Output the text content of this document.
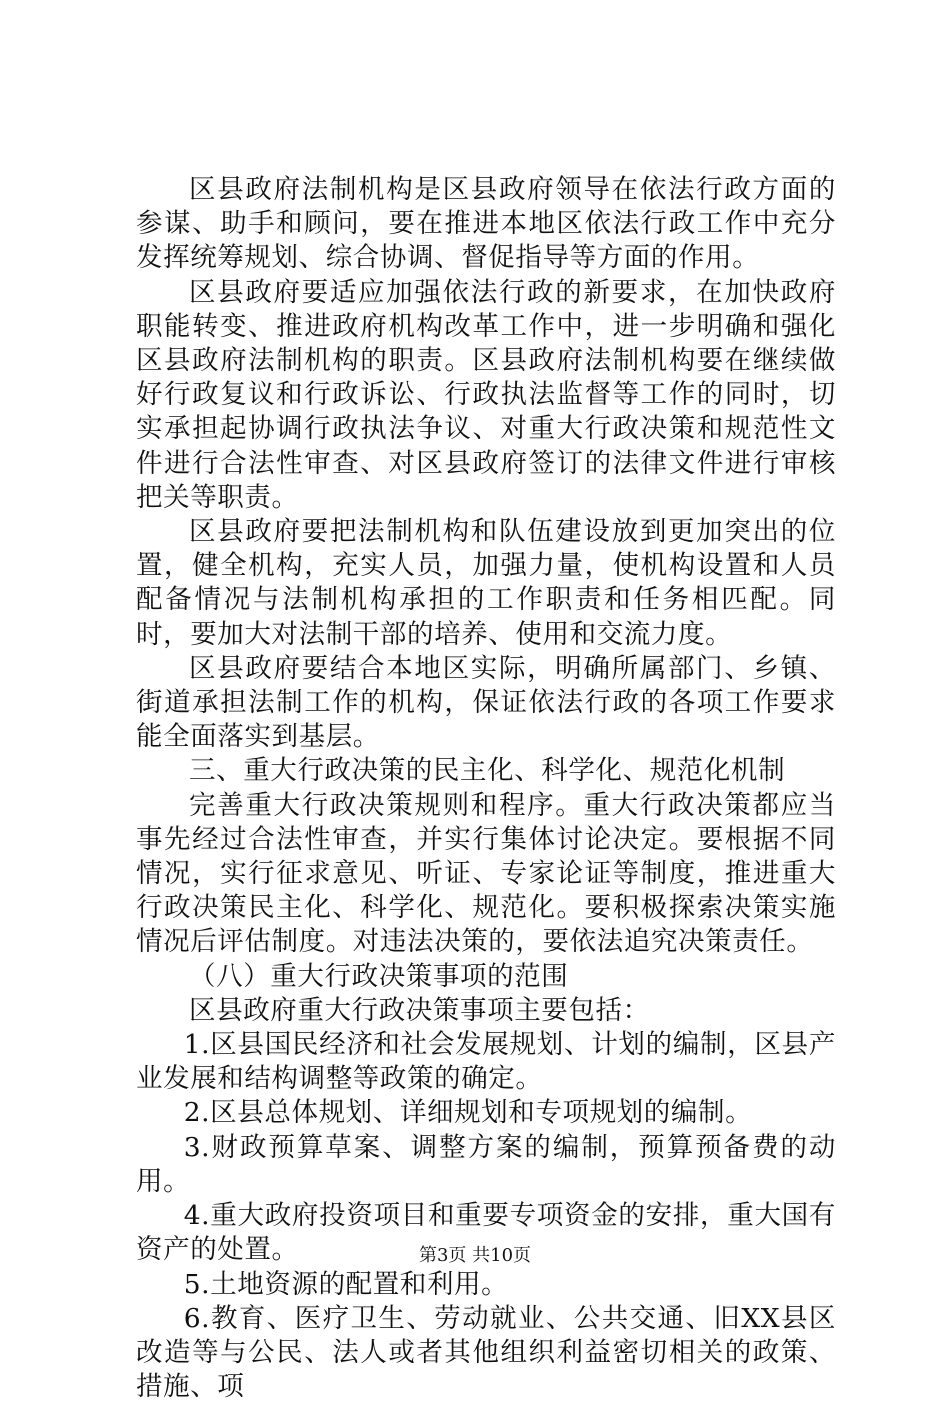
区县政府法制机构是区县政府领导在依法行政方面的参谋、助手和顾问，要在推进本地区依法行政工作中充分发挥统筹规划、综合协调、督促指导等方面的作用。

区县政府要适应加强依法行政的新要求，在加快政府职能转变、推进政府机构改革工作中，进一步明确和强化区县政府法制机构的职责。区县政府法制机构要在继续做好行政复议和行政诉讼、行政执法监督等工作的同时，切实承担起协调行政执法争议、对重大行政决策和规范性文件进行合法性审查、对区县政府签订的法律文件进行审核把关等职责。

区县政府要把法制机构和队伍建设放到更加突出的位置，健全机构，充实人员，加强力量，使机构设置和人员配备情况与法制机构承担的工作职责和任务相匹配。同时，要加大对法制干部的培养、使用和交流力度。

区县政府要结合本地区实际，明确所属部门、乡镇、街道承担法制工作的机构，保证依法行政的各项工作要求能全面落实到基层。

三、重大行政决策的民主化、科学化、规范化机制

完善重大行政决策规则和程序。重大行政决策都应当事先经过合法性审查，并实行集体讨论决定。要根据不同情况，实行征求意见、听证、专家论证等制度，推进重大行政决策民主化、科学化、规范化。要积极探索决策实施情况后评估制度。对违法决策的，要依法追究决策责任。

（八）重大行政决策事项的范围

区县政府重大行政决策事项主要包括：

1.区县国民经济和社会发展规划、计划的编制，区县产业发展和结构调整等政策的确定。

2.区县总体规划、详细规划和专项规划的编制。

3.财政预算草案、调整方案的编制，预算预备费的动用。

4.重大政府投资项目和重要专项资金的安排，重大国有资产的处置。

5.土地资源的配置和利用。

6.教育、医疗卫生、劳动就业、公共交通、旧XX县区改造等与公民、法人或者其他组织利益密切相关的政策、措施、项

第3页 共10页
